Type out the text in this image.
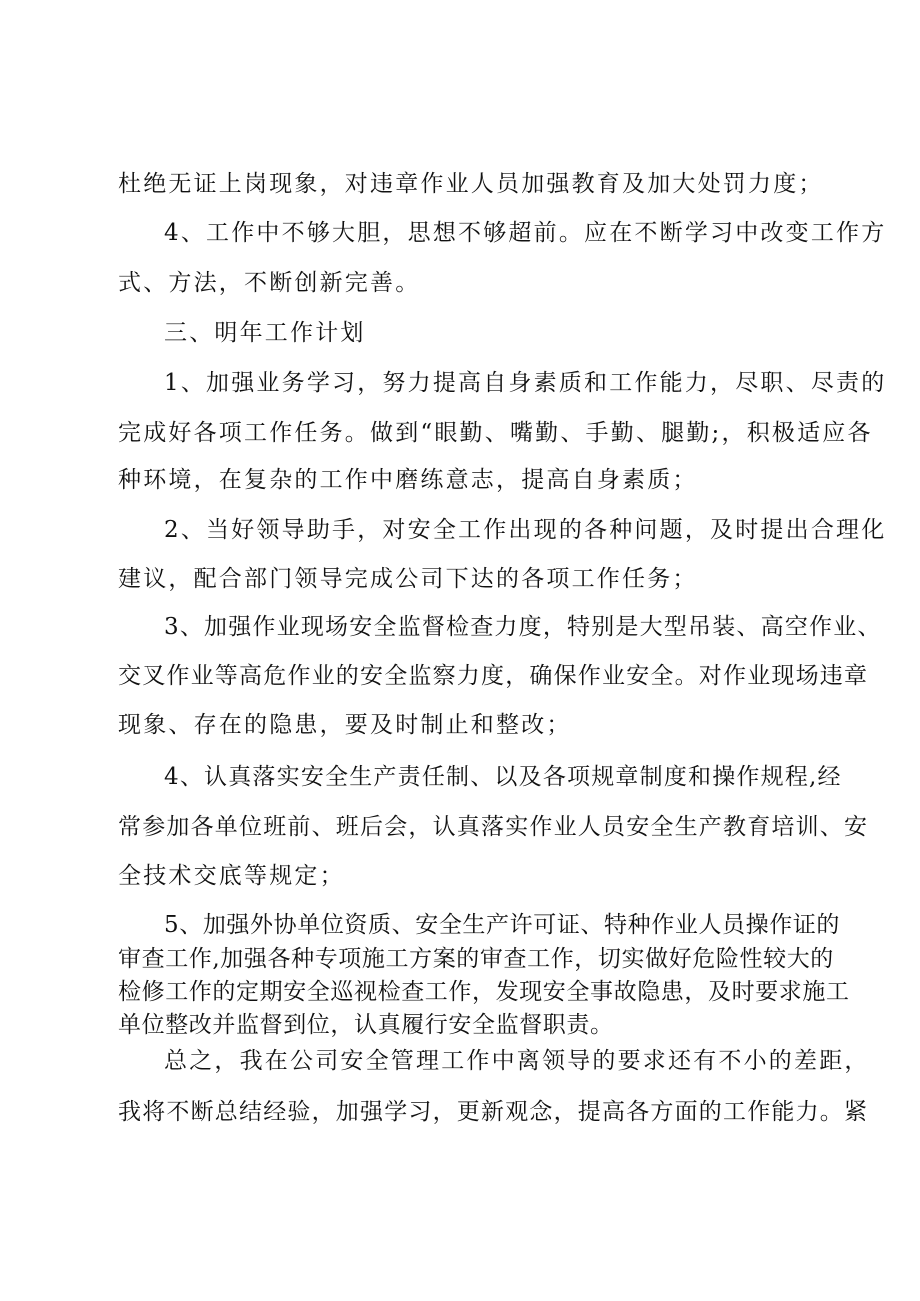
杜绝无证上岗现象，对违章作业人员加强教育及加大处罚力度；
4、工作中不够大胆，思想不够超前。应在不断学习中改变工作方
式、方法，不断创新完善。
三、明年工作计划
1、加强业务学习，努力提高自身素质和工作能力，尽职、尽责的
完成好各项工作任务。做到“眼勤、嘴勤、手勤、腿勤;，积极适应各
种环境，在复杂的工作中磨练意志，提高自身素质；
2、当好领导助手，对安全工作出现的各种问题，及时提出合理化
建议，配合部门领导完成公司下达的各项工作任务；
3、加强作业现场安全监督检查力度，特别是大型吊装、高空作业、
交叉作业等高危作业的安全监察力度，确保作业安全。对作业现场违章
现象、存在的隐患，要及时制止和整改；
4、认真落实安全生产责任制、以及各项规章制度和操作规程,经
常参加各单位班前、班后会，认真落实作业人员安全生产教育培训、安
全技术交底等规定；
5、加强外协单位资质、安全生产许可证、特种作业人员操作证的
审查工作,加强各种专项施工方案的审查工作，切实做好危险性较大的
检修工作的定期安全巡视检查工作，发现安全事故隐患，及时要求施工
单位整改并监督到位，认真履行安全监督职责。
总之，我在公司安全管理工作中离领导的要求还有不小的差距，
我将不断总结经验，加强学习，更新观念，提高各方面的工作能力。紧
